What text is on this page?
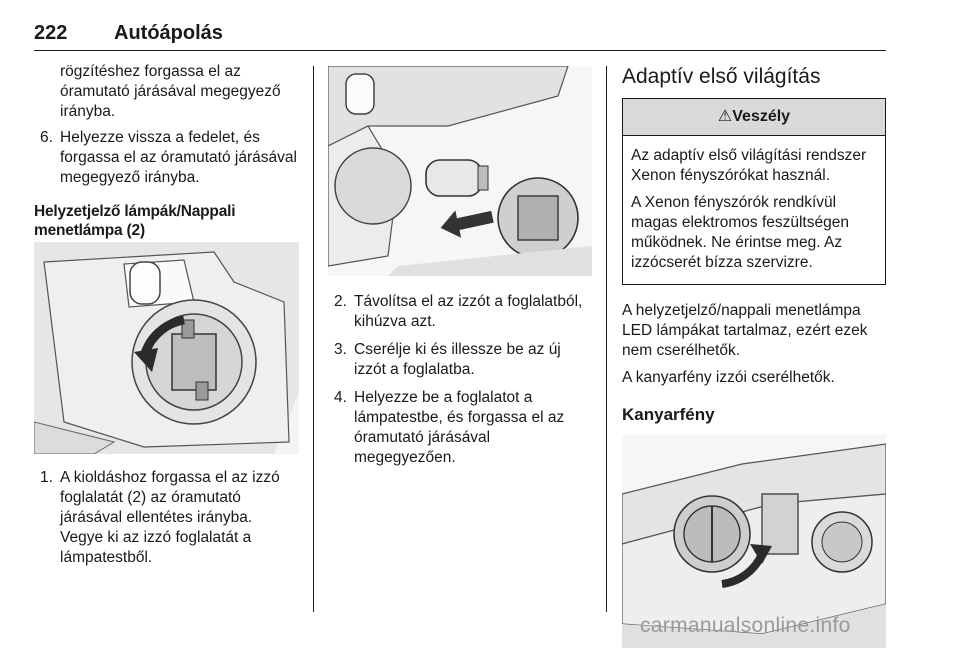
222 Autóápolás

rögzítéshez forgassa el az óramutató járásával megegyező irányba.

6. Helyezze vissza a fedelet, és forgassa el az óramutató járásával megegyező irányba.
Helyzetjelző lámpák/Nappali menetlámpa (2)
1. A kioldáshoz forgassa el az izzó foglalatát (2) az óramutató járásával ellentétes irányba. Vegye ki az izzó foglalatát a lámpatestből.
2. Távolítsa el az izzót a foglalatból, kihúzva azt.
3. Cserélje ki és illessze be az új izzót a foglalatba.
4. Helyezze be a foglalatot a lámpatestbe, és forgassa el az óramutató járásával megegyezően.
Adaptív első világítás
⚠Veszély

Az adaptív első világítási rendszer Xenon fényszórókat használ.

A Xenon fényszórók rendkívül magas elektromos feszültségen működnek. Ne érintse meg. Az izzócserét bízza szervizre.

A helyzetjelző/nappali menetlámpa LED lámpákat tartalmaz, ezért ezek nem cserélhetők.

A kanyarfény izzói cserélhetők.

Kanyarfény
carmanualsonline.info
